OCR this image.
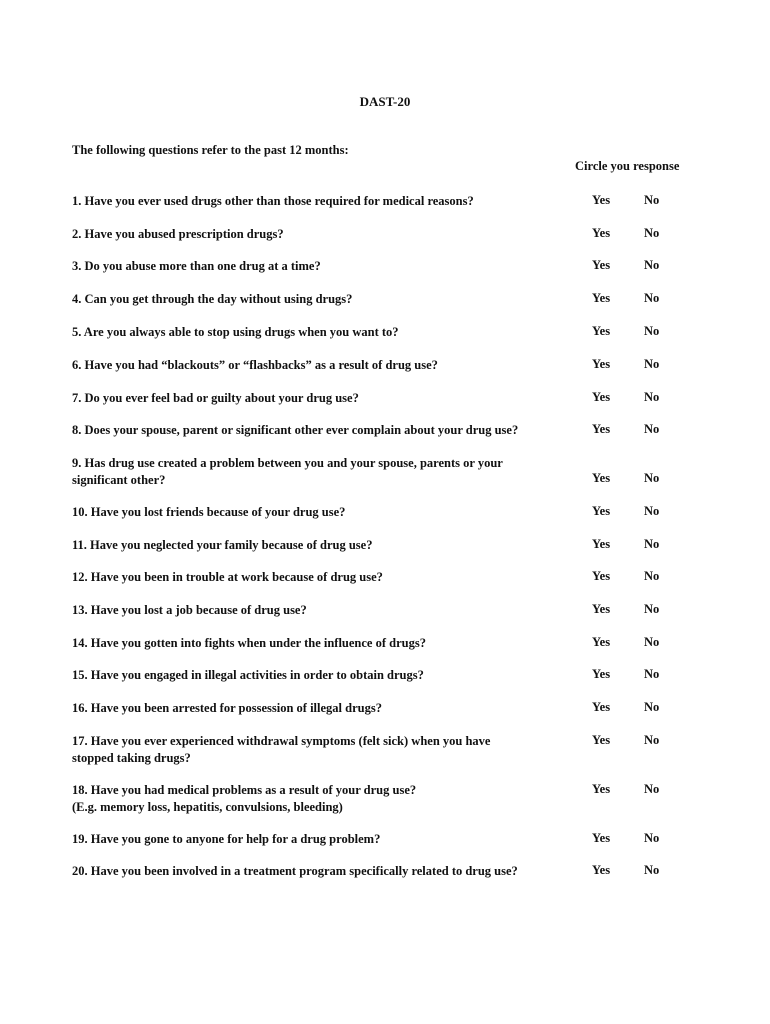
DAST-20
The following questions refer to the past 12 months:
Circle you response
1. Have you ever used drugs other than those required for medical reasons?	Yes	No
2. Have you abused prescription drugs?	Yes	No
3. Do you abuse more than one drug at a time?	Yes	No
4. Can you get through the day without using drugs?	Yes	No
5. Are you always able to stop using drugs when you want to?	Yes	No
6. Have you had “blackouts” or “flashbacks” as a result of drug use?	Yes	No
7. Do you ever feel bad or guilty about your drug use?	Yes	No
8. Does your spouse, parent or significant other ever complain about your drug use?	Yes	No
9. Has drug use created a problem between you and your spouse, parents or your
significant other?	Yes	No
10. Have you lost friends because of your drug use?	Yes	No
11. Have you neglected your family because of drug use?	Yes	No
12. Have you been in trouble at work because of drug use?	Yes	No
13. Have you lost a job because of drug use?	Yes	No
14. Have you gotten into fights when under the influence of drugs?	Yes	No
15. Have you engaged in illegal activities in order to obtain drugs?	Yes	No
16. Have you been arrested for possession of illegal drugs?	Yes	No
17. Have you ever experienced withdrawal symptoms (felt sick) when you have
stopped taking drugs?
Yes	No
18. Have you had medical problems as a result of your drug use?
(E.g. memory loss, hepatitis, convulsions, bleeding)
Yes	No
19. Have you gone to anyone for help for a drug problem?	Yes	No
20. Have you been involved in a treatment program specifically related to drug use?	Yes	No
